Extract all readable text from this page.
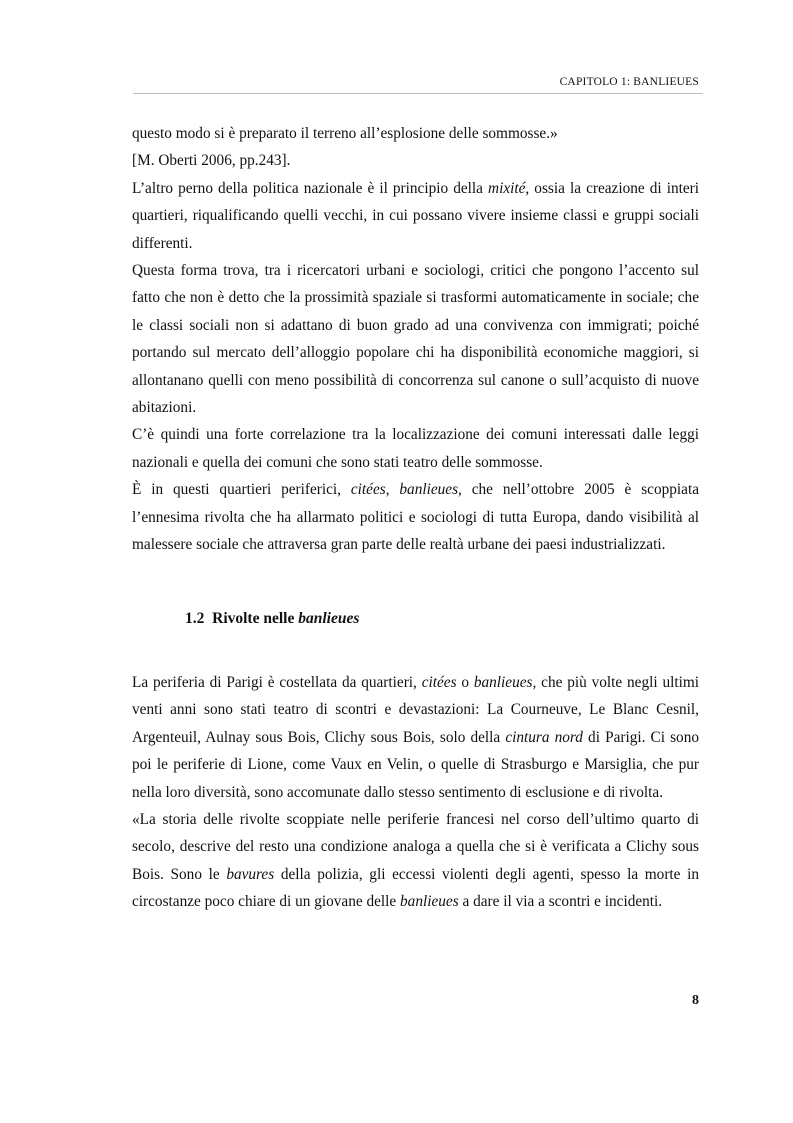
CAPITOLO 1: BANLIEUES

questo modo si è preparato il terreno all’esplosione delle sommosse.»

[M. Oberti 2006, pp.243].

L’altro perno della politica nazionale è il principio della mixité, ossia la creazione di interi quartieri, riqualificando quelli vecchi, in cui possano vivere insieme classi e gruppi sociali differenti.

Questa forma trova, tra i ricercatori urbani e sociologi, critici che pongono l’accento sul fatto che non è detto che la prossimità spaziale si trasformi automaticamente in sociale; che le classi sociali non si adattano di buon grado ad una convivenza con immigrati; poiché portando sul mercato dell’alloggio popolare chi ha disponibilità economiche maggiori, si allontanano quelli con meno possibilità di concorrenza sul canone o sull’acquisto di nuove abitazioni.

C’è quindi una forte correlazione tra la localizzazione dei comuni interessati dalle leggi nazionali e quella dei comuni che sono stati teatro delle sommosse.

È in questi quartieri periferici, citées, banlieues, che nell’ottobre 2005 è scoppiata l’ennesima rivolta che ha allarmato politici e sociologi di tutta Europa, dando visibilità al malessere sociale che attraversa gran parte delle realtà urbane dei paesi industrializzati.

1.2 Rivolte nelle banlieues

La periferia di Parigi è costellata da quartieri, citées o banlieues, che più volte negli ultimi venti anni sono stati teatro di scontri e devastazioni: La Courneuve, Le Blanc Cesnil, Argenteuil, Aulnay sous Bois, Clichy sous Bois, solo della cintura nord di Parigi. Ci sono poi le periferie di Lione, come Vaux en Velin, o quelle di Strasburgo e Marsiglia, che pur nella loro diversità, sono accomunate dallo stesso sentimento di esclusione e di rivolta.

«La storia delle rivolte scoppiate nelle periferie francesi nel corso dell’ultimo quarto di secolo, descrive del resto una condizione analoga a quella che si è verificata a Clichy sous Bois. Sono le bavures della polizia, gli eccessi violenti degli agenti, spesso la morte in circostanze poco chiare di un giovane delle banlieues a dare il via a scontri e incidenti.

8
